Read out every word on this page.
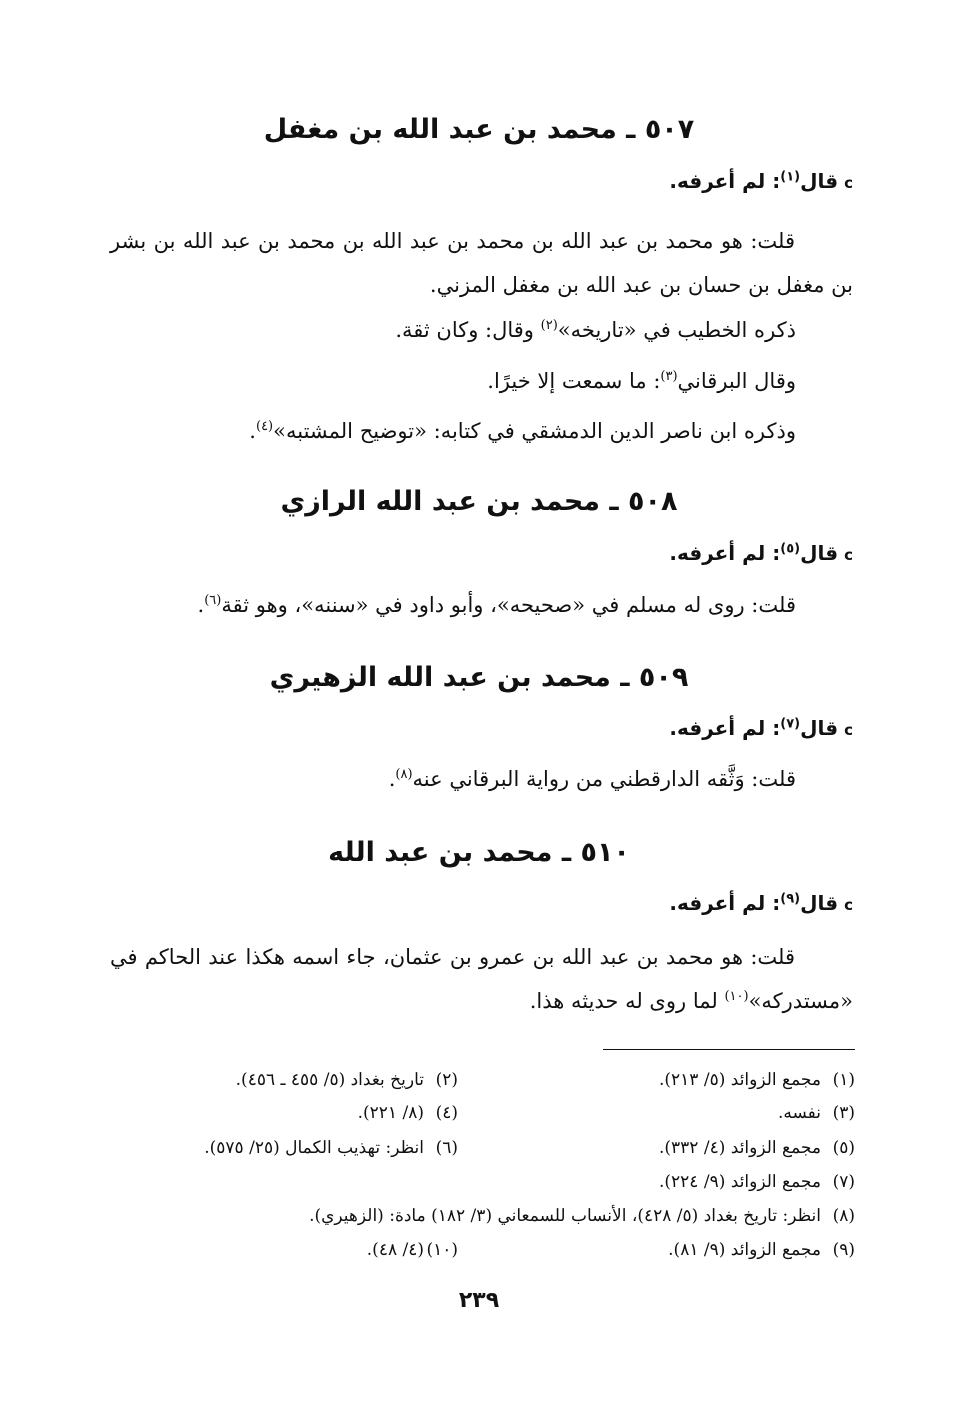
٥٠٧ ـ محمد بن عبد الله بن مغفل
cقال$^{(١)}$: لم أعرفه.
قلت: هو محمد بن عبد الله بن محمد بن عبد الله بن محمد بن عبد الله بن بشر بن مغفل بن حسان بن عبد الله بن مغفل المزني.
ذكره الخطيب في «تاريخه»$^{(٢)}$ وقال: وكان ثقة.
وقال البرقاني$^{(٣)}$: ما سمعت إلا خيرًا.
وذكره ابن ناصر الدين الدمشقي في كتابه: «توضيح المشتبه»$^{(٤)}$.
٥٠٨ ـ محمد بن عبد الله الرازي
cقال$^{(٥)}$: لم أعرفه.
قلت: روى له مسلم في «صحيحه»، وأبو داود في «سننه»، وهو ثقة$^{(٦)}$.
٥٠٩ ـ محمد بن عبد الله الزهيري
cقال$^{(٧)}$: لم أعرفه.
قلت: وَثَّقه الدارقطني من رواية البرقاني عنه$^{(٨)}$.
٥١٠ ـ محمد بن عبد الله
cقال$^{(٩)}$: لم أعرفه.
قلت: هو محمد بن عبد الله بن عمرو بن عثمان، جاء اسمه هكذا عند الحاكم في «مستدركه»$^{(١٠)}$ لما روى له حديثه هذا.
(١)مجمع الزوائد (٥/ ٢١٣).
(٢)تاريخ بغداد (٥/ ٤٥٥ ـ ٤٥٦).
(٣)نفسه.
(٤)(٨/ ٢٢١).
(٥)مجمع الزوائد (٤/ ٣٣٢).
(٦)انظر: تهذيب الكمال (٢٥/ ٥٧٥).
(٧)مجمع الزوائد (٩/ ٢٢٤).
(٨)انظر: تاريخ بغداد (٥/ ٤٢٨)، الأنساب للسمعاني (٣/ ١٨٢) مادة: (الزهيري).
(٩)مجمع الزوائد (٩/ ٨١).
(١٠)(٤/ ٤٨).
٢٣٩
